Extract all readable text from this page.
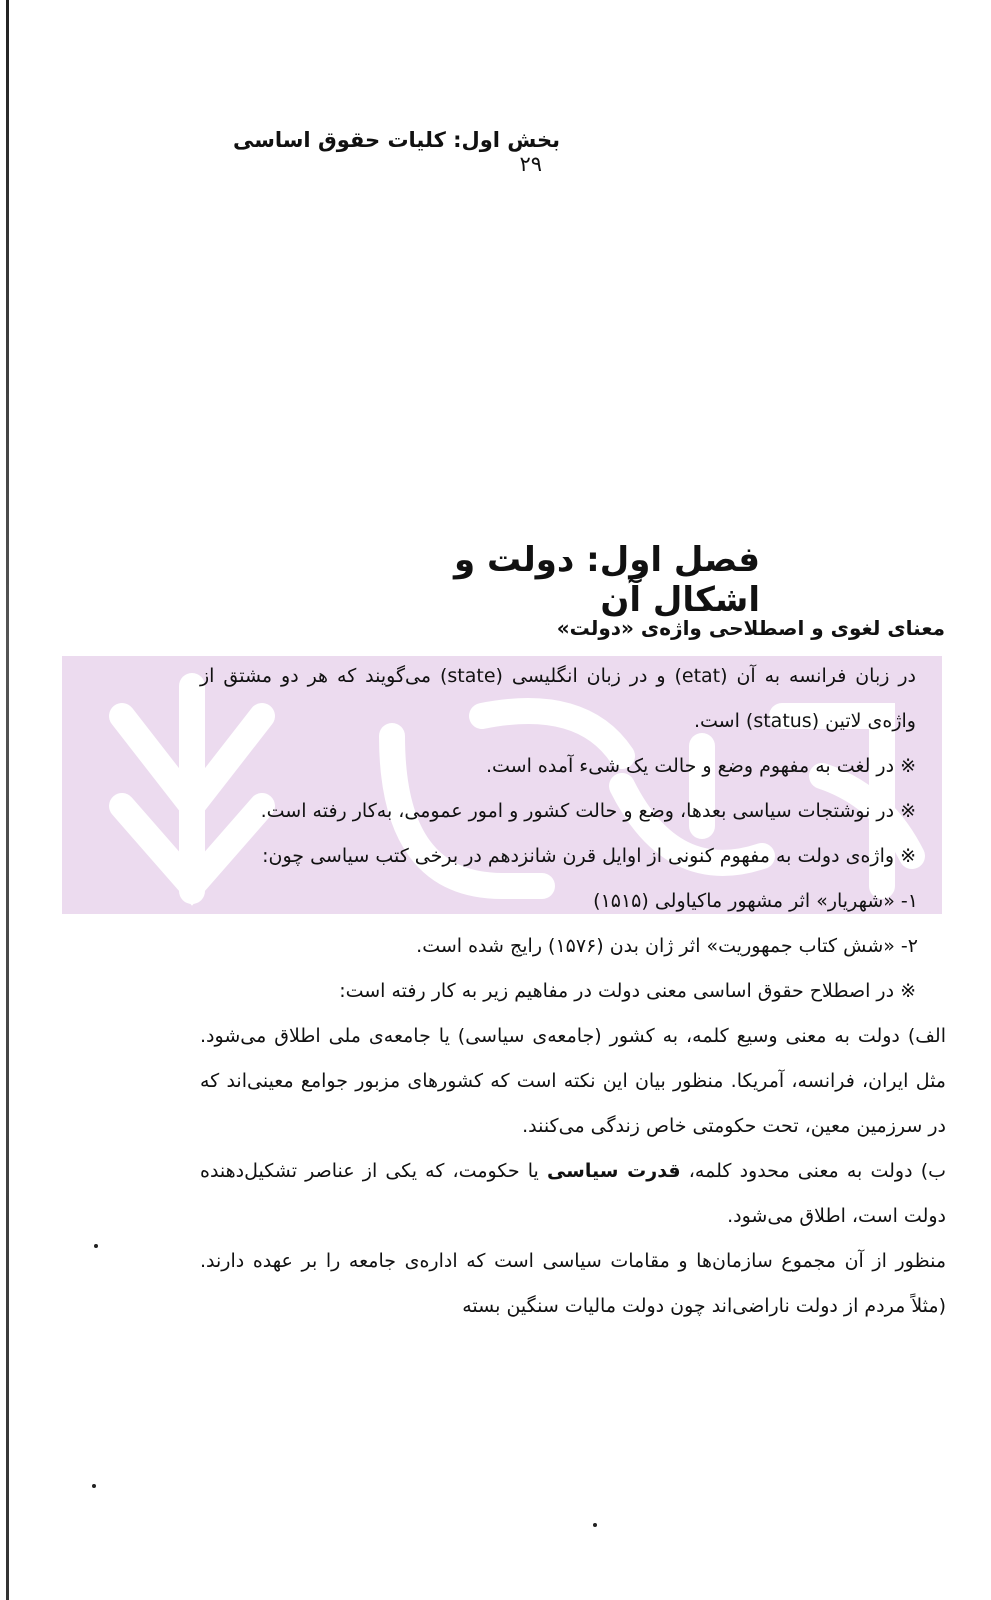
بخش اول: کلیات حقوق اساسی ۲۹
فصل اول: دولت و اشکال آن
معنای لغوی و اصطلاحی واژه‌ی «دولت»

در زبان فرانسه به آن (etat) و در زبان انگلیسی (state) می‌گویند که هر دو مشتق از واژه‌ی لاتین (status) است.

※ در لغت به مفهوم وضع و حالت یک شیء آمده است.

※ در نوشتجات سیاسی بعدها، وضع و حالت کشور و امور عمومی، به‌کار رفته است.

※ واژه‌ی دولت به مفهوم کنونی از اوایل قرن شانزدهم در برخی کتب سیاسی چون:

۱- «شهریار» اثر مشهور ماکیاولی (۱۵۱۵)

۲- «شش کتاب جمهوریت» اثر ژان بدن (۱۵۷۶) رایج شده است.

※ در اصطلاح حقوق اساسی معنی دولت در مفاهیم زیر به کار رفته است:

الف) دولت به معنی وسیع کلمه، به کشور (جامعه‌ی سیاسی) یا جامعه‌ی ملی اطلاق می‌شود. مثل ایران، فرانسه، آمریکا. منظور بیان این نکته است که کشورهای مزبور جوامع معینی‌اند که در سرزمین معین، تحت حکومتی خاص زندگی می‌کنند.

ب) دولت به معنی محدود کلمه، قدرت سیاسی یا حکومت، که یکی از عناصر تشکیل‌دهنده دولت است، اطلاق می‌شود.

منظور از آن مجموع سازمان‌ها و مقامات سیاسی است که اداره‌ی جامعه را بر عهده دارند. (مثلاً مردم از دولت ناراضی‌اند چون دولت مالیات سنگین بسته
